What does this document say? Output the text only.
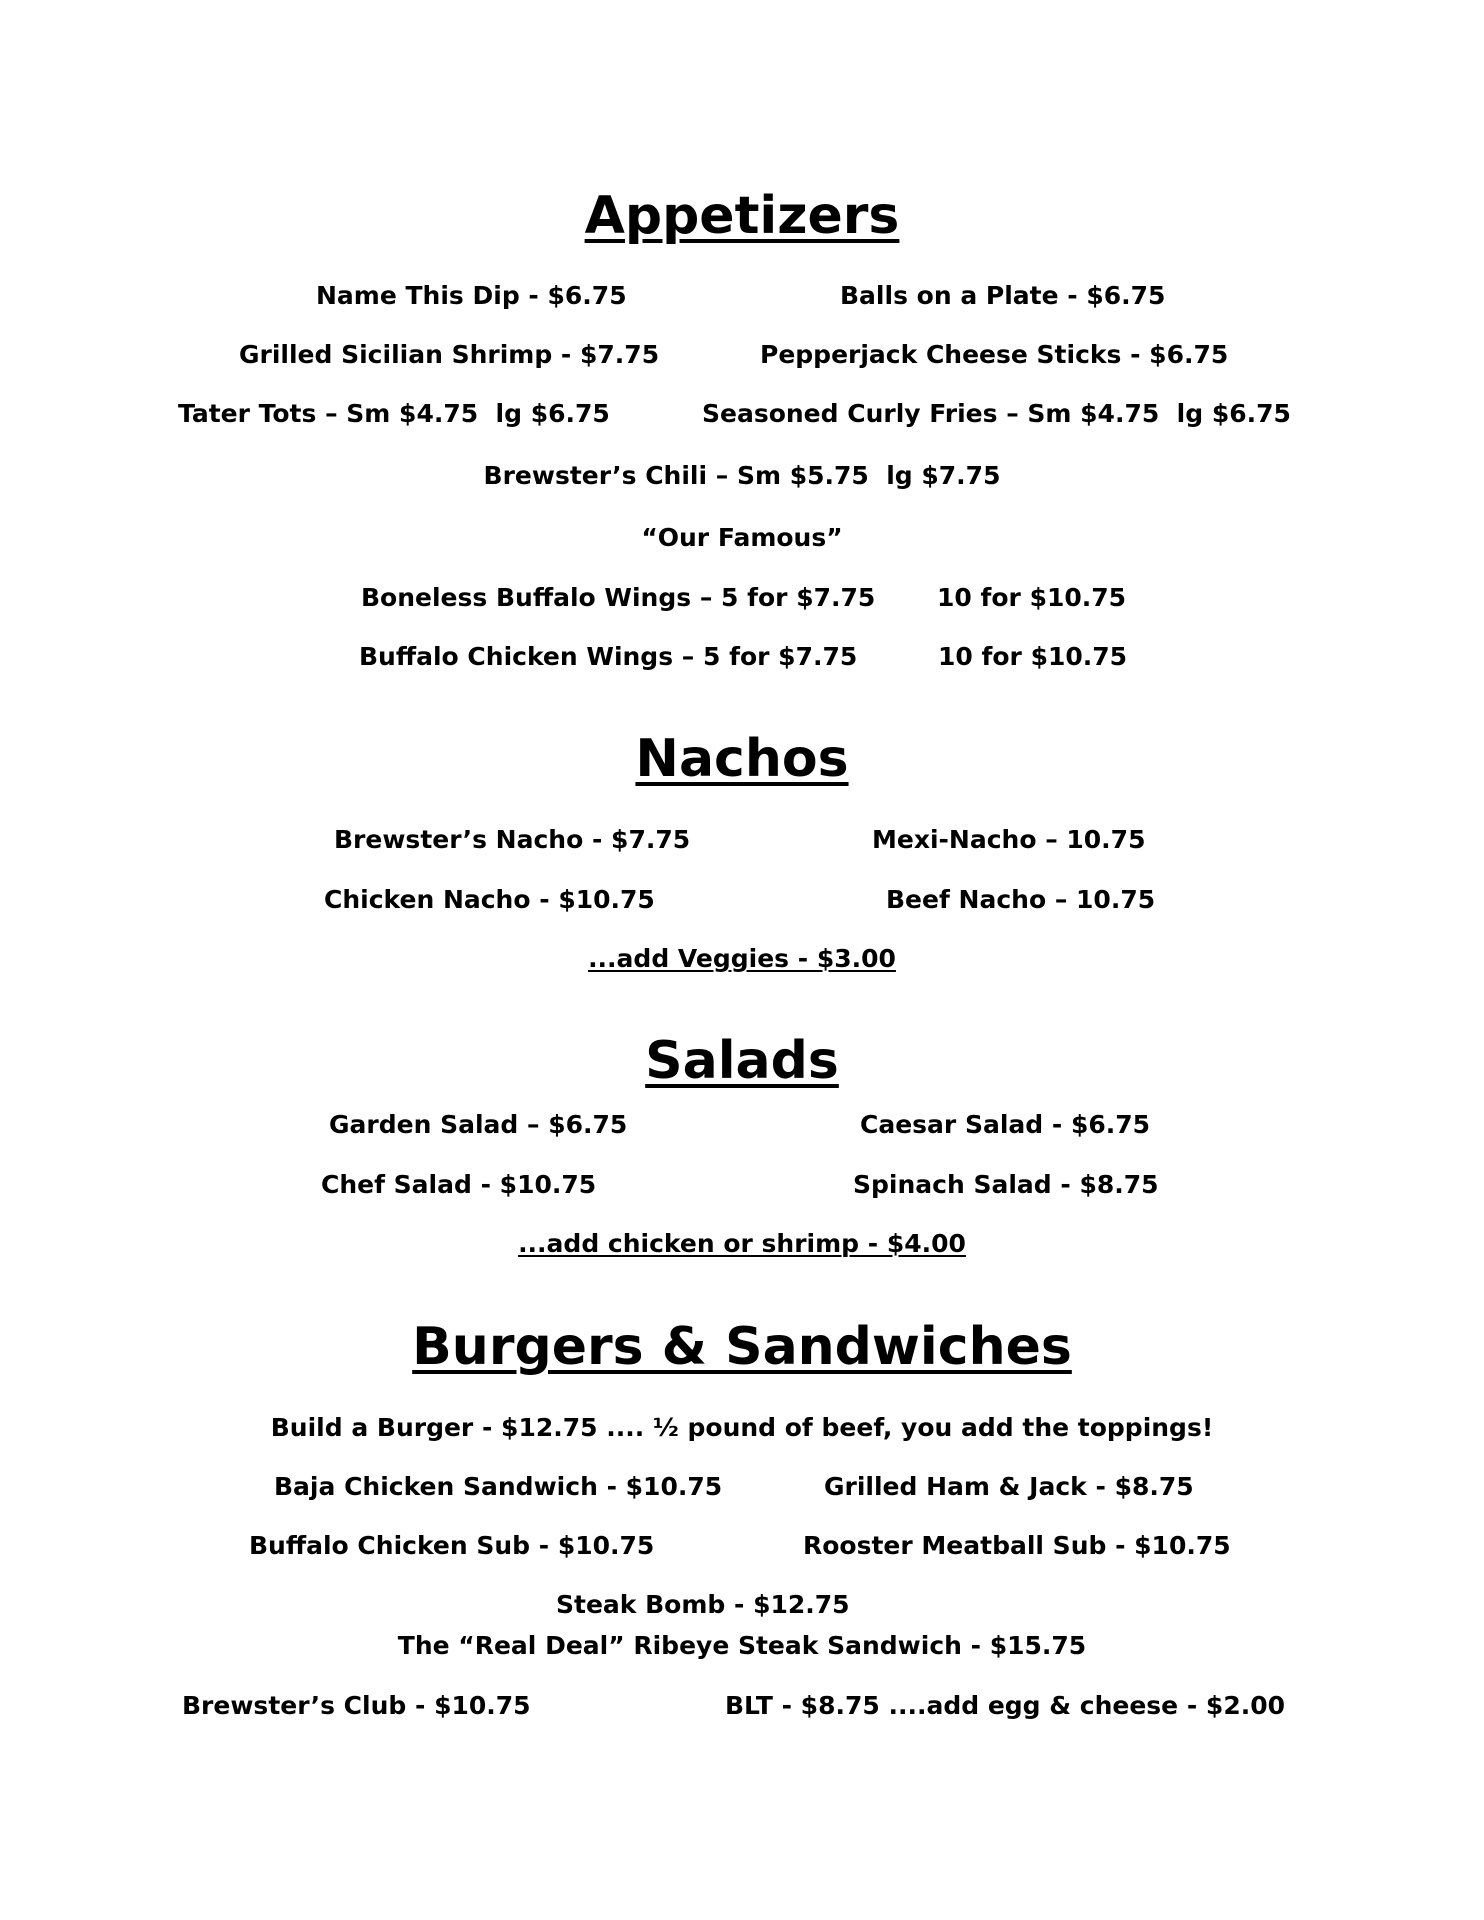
Appetizers
Name This Dip - $6.75	Balls on a Plate - $6.75
Grilled Sicilian Shrimp - $7.75	Pepperjack Cheese Sticks - $6.75
Tater Tots – Sm $4.75  lg $6.75	Seasoned Curly Fries – Sm $4.75  lg $6.75
Brewster’s Chili – Sm $5.75  lg $7.75
“Our Famous”
Boneless Buffalo Wings – 5 for $7.75 10 for $10.75
Buffalo Chicken Wings – 5 for $7.75	10 for $10.75
Nachos
Brewster’s Nacho - $7.75	Mexi-Nacho – 10.75
Chicken Nacho - $10.75	Beef Nacho – 10.75
...add Veggies - $3.00
Salads
Garden Salad – $6.75	Caesar Salad - $6.75
Chef Salad - $10.75	Spinach Salad - $8.75
...add chicken or shrimp - $4.00
Burgers & Sandwiches
Build a Burger - $12.75 .... ½ pound of beef, you add the toppings!
Baja Chicken Sandwich - $10.75	Grilled Ham & Jack - $8.75
Buffalo Chicken Sub - $10.75	Rooster Meatball Sub - $10.75
Steak Bomb - $12.75
The “Real Deal” Ribeye Steak Sandwich - $15.75
Brewster’s Club - $10.75	BLT - $8.75 ....add egg & cheese - $2.00
